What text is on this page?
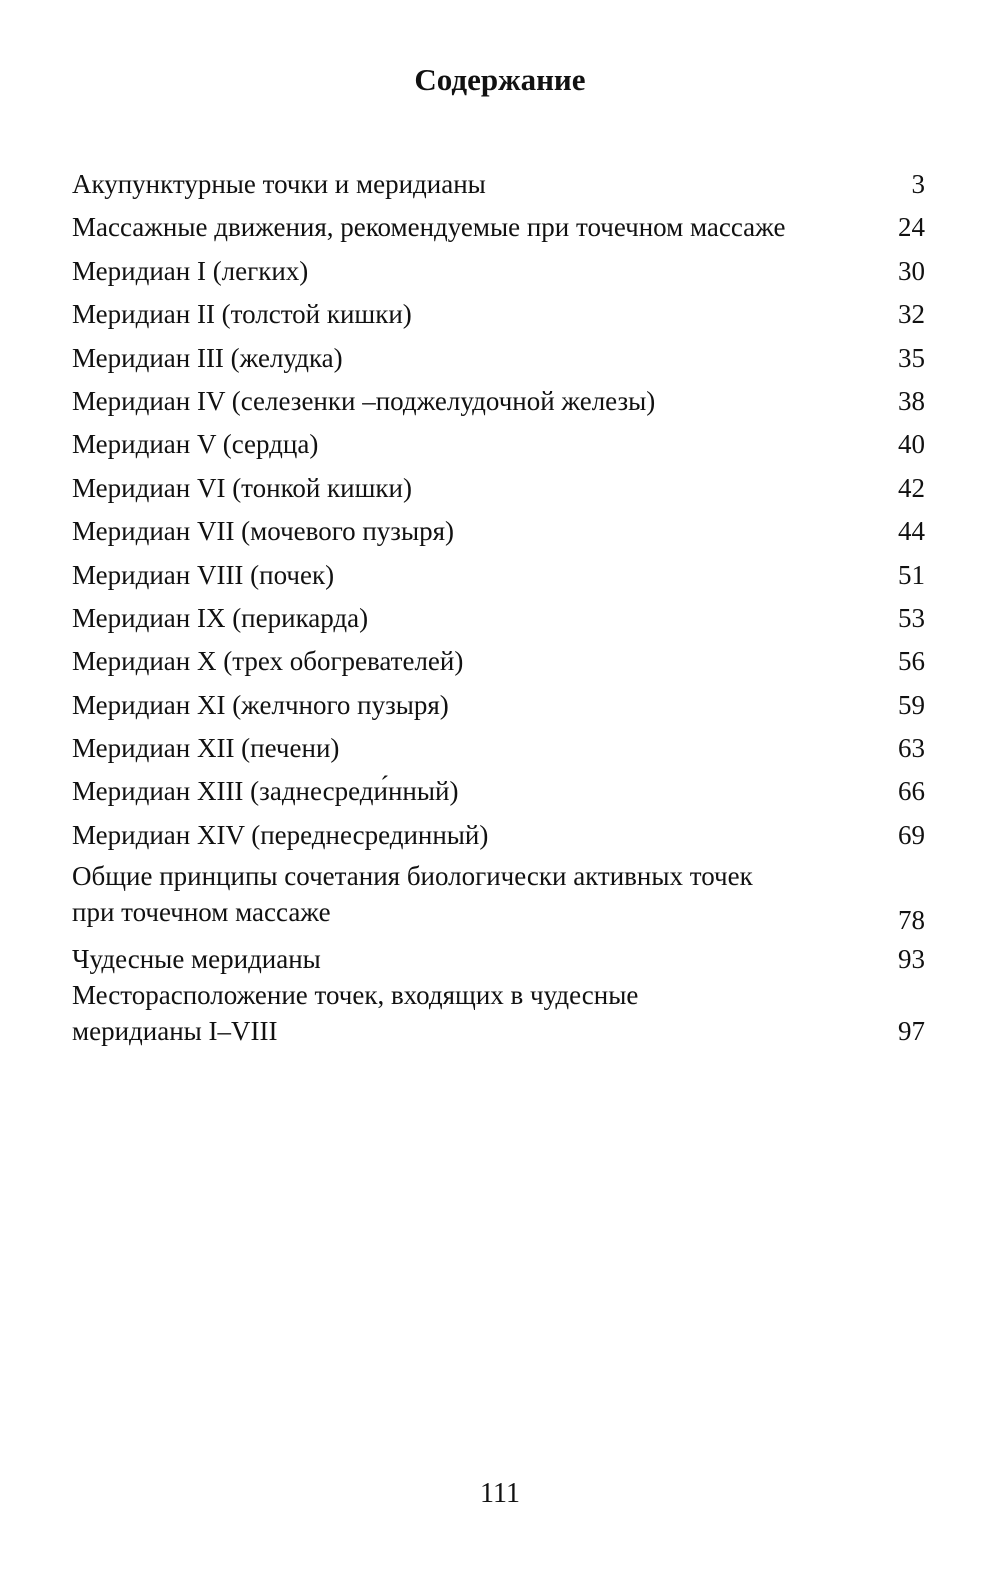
Содержание
Акупунктурные точки и меридианы	3
Массажные движения, рекомендуемые при точечном массаже	24
Меридиан I (легких)	30
Меридиан II (толстой кишки)	32
Меридиан III (желудка)	35
Меридиан IV (селезенки –поджелудочной железы)	38
Меридиан V (сердца)	40
Меридиан VI (тонкой кишки)	42
Меридиан VII (мочевого пузыря)	44
Меридиан VIII (почек)	51
Меридиан IX (перикарда)	53
Меридиан X (трех обогревателей)	56
Меридиан XI (желчного пузыря)	59
Меридиан XII (печени)	63
Меридиан XIII (заднесреди́нный)	66
Меридиан XIV (переднесрединный)	69
Общие принципы сочетания биологически активных точек
при точечном массаже	78
Чудесные меридианы	93
Месторасположение точек, входящих в чудесные
меридианы I–VIII	97
111
